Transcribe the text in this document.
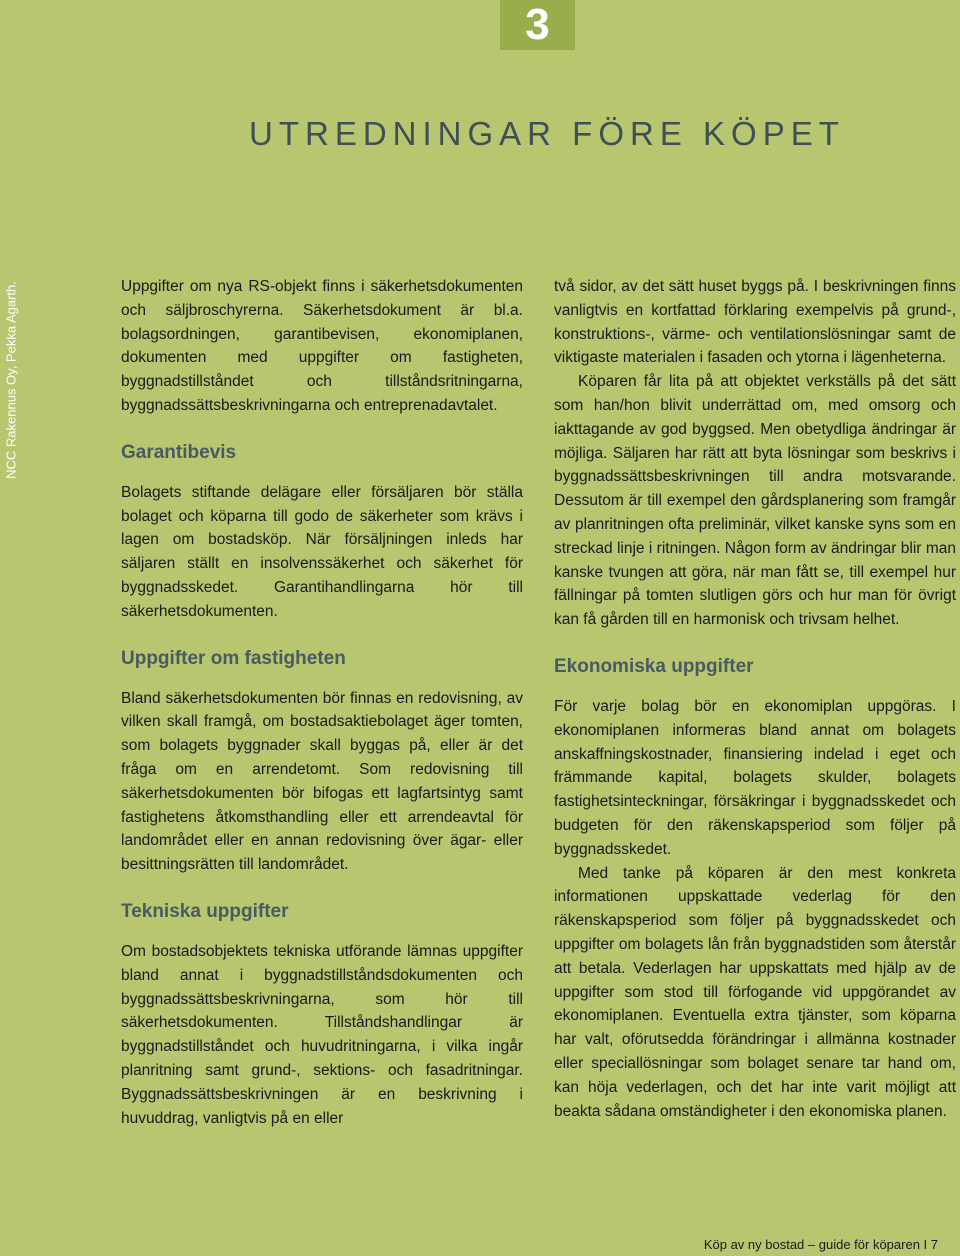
3
UTREDNINGAR FÖRE KÖPET
NCC Rakennus Oy, Pekka Agarth.	Uppgifter om nya RS-objekt finns i säkerhetsdokumenten och säljbroschyrerna. Säkerhetsdokument är bl.a. bolagsordningen, garantibevisen, ekonomiplanen, dokumenten med uppgifter om fastigheten, byggnadstillståndet och tillståndsritningarna, byggnadssättsbeskrivningarna och entreprenadavtalet.

Garantibevis

Bolagets stiftande delägare eller försäljaren bör ställa bolaget och köparna till godo de säkerheter som krävs i lagen om bostadsköp. När försäljningen inleds har säljaren ställt en insolvenssäkerhet och säkerhet för byggnadsskedet. Garantihandlingarna hör till säkerhetsdokumenten.

Uppgifter om fastigheten

Bland säkerhetsdokumenten bör finnas en redovisning, av vilken skall framgå, om bostadsaktiebolaget äger tomten, som bolagets byggnader skall byggas på, eller är det fråga om en arrendetomt. Som redovisning till säkerhetsdokumenten bör bifogas ett lagfartsintyg samt fastighetens åtkomsthandling eller ett arrendeavtal för landområdet eller en annan redovisning över ägar- eller besittningsrätten till landområdet.

Tekniska uppgifter

Om bostadsobjektets tekniska utförande lämnas uppgifter bland annat i byggnadstillståndsdokumenten och byggnadssättsbeskrivningarna, som hör till säkerhetsdokumenten. Tillståndshandlingar är byggnadstillståndet och huvudritningarna, i vilka ingår planritning samt grund-, sektions- och fasadritningar. Byggnadssättsbeskrivningen är en beskrivning i huvuddrag, vanligtvis på en eller

två sidor, av det sätt huset byggs på. I beskrivningen finns vanligtvis en kortfattad förklaring exempelvis på grund-, konstruktions-, värme- och ventilationslösningar samt de viktigaste materialen i fasaden och ytorna i lägenheterna.

Köparen får lita på att objektet verkställs på det sätt som han/hon blivit underrättad om, med omsorg och iakttagande av god byggsed. Men obetydliga ändringar är möjliga. Säljaren har rätt att byta lösningar som beskrivs i byggnadssättsbeskrivningen till andra motsvarande. Dessutom är till exempel den gårdsplanering som framgår av planritningen ofta preliminär, vilket kanske syns som en streckad linje i ritningen. Någon form av ändringar blir man kanske tvungen att göra, när man fått se, till exempel hur fällningar på tomten slutligen görs och hur man för övrigt kan få gården till en harmonisk och trivsam helhet.

Ekonomiska uppgifter

För varje bolag bör en ekonomiplan uppgöras. I ekonomiplanen informeras bland annat om bolagets anskaffningskostnader, finansiering indelad i eget och främmande kapital, bolagets skulder, bolagets fastighetsinteckningar, försäkringar i byggnadsskedet och budgeten för den räkenskapsperiod som följer på byggnadsskedet.

Med tanke på köparen är den mest konkreta informationen uppskattade vederlag för den räkenskapsperiod som följer på byggnadsskedet och uppgifter om bolagets lån från byggnadstiden som återstår att betala. Vederlagen har uppskattats med hjälp av de uppgifter som stod till förfogande vid uppgörandet av ekonomiplanen. Eventuella extra tjänster, som köparna har valt, oförutsedda förändringar i allmänna kostnader eller speciallösningar som bolaget senare tar hand om, kan höja vederlagen, och det har inte varit möjligt att beakta sådana omständigheter i den ekonomiska planen.

Köp av ny bostad – guide för köparen I 7
